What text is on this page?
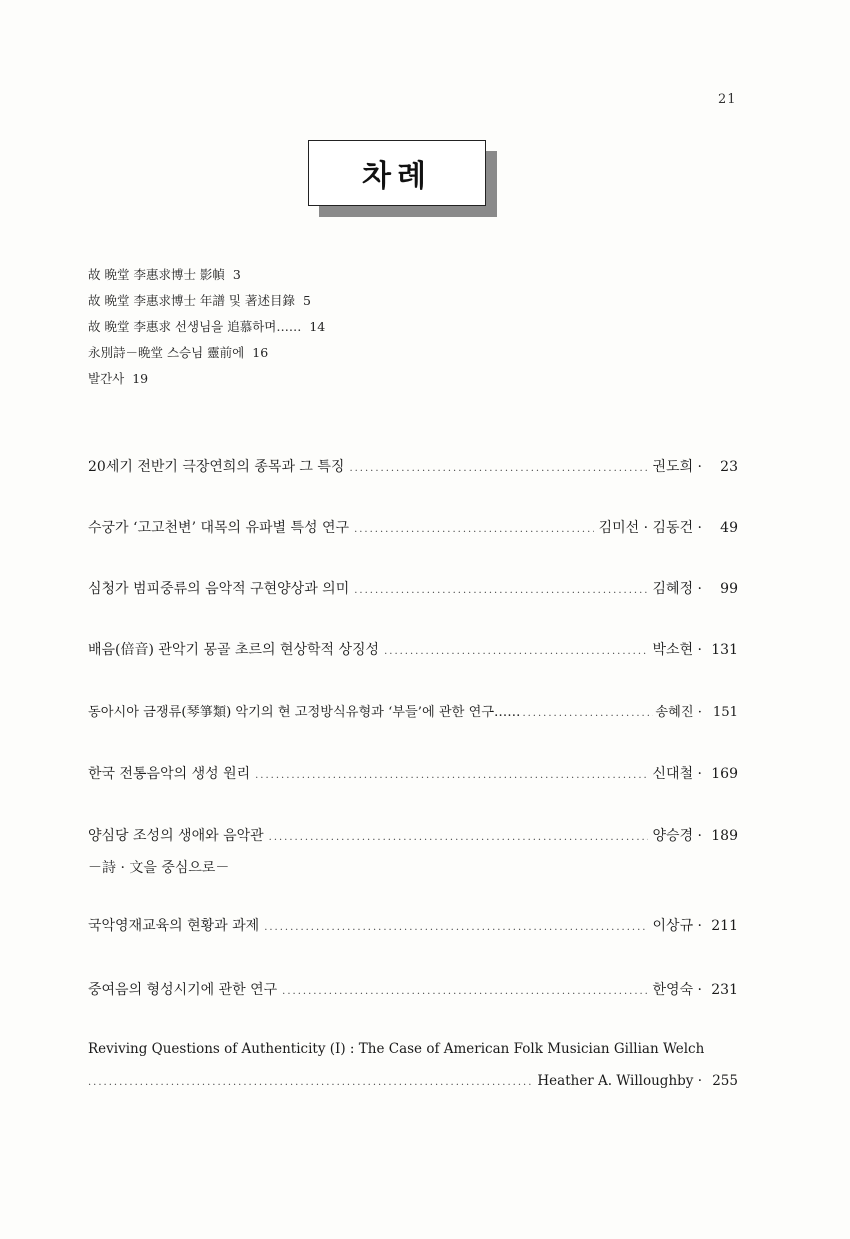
21
차례
故 晩堂 李惠求博士 影幀 3
故 晩堂 李惠求博士 年譜 및 著述目錄 5
故 晩堂 李惠求 선생님을 追慕하며…… 14
永別詩－晩堂 스승님 靈前에 16
발간사 19
20세기 전반기 극장연희의 종목과 그 특징 .....	권도희 ·	23
수궁가 ‘고고천변’ 대목의 유파별 특성 연구 .....	김미선 · 김동건 ·	49
심청가 범피중류의 음악적 구현양상과 의미 .....	김혜정 ·	99
배음(倍音) 관악기 몽골 초르의 현상학적 상징성 .....	박소현 · 131
동아시아 금쟁류(琴箏類) 악기의 현 고정방식유형과 ‘부들’에 관한 연구…… .....	송혜진 · 151
한국 전통음악의 생성 원리 .....	신대철 · 169
양심당 조성의 생애와 음악관 .....	양승경 · 189
－詩 · 文을 중심으로－
국악영재교육의 현황과 과제 .....	이상규 · 211
중여음의 형성시기에 관한 연구 .....	한영숙 · 231
Reviving Questions of Authenticity (I) : The Case of American Folk Musician Gillian Welch
.....
Heather A. Willoughby · 255
